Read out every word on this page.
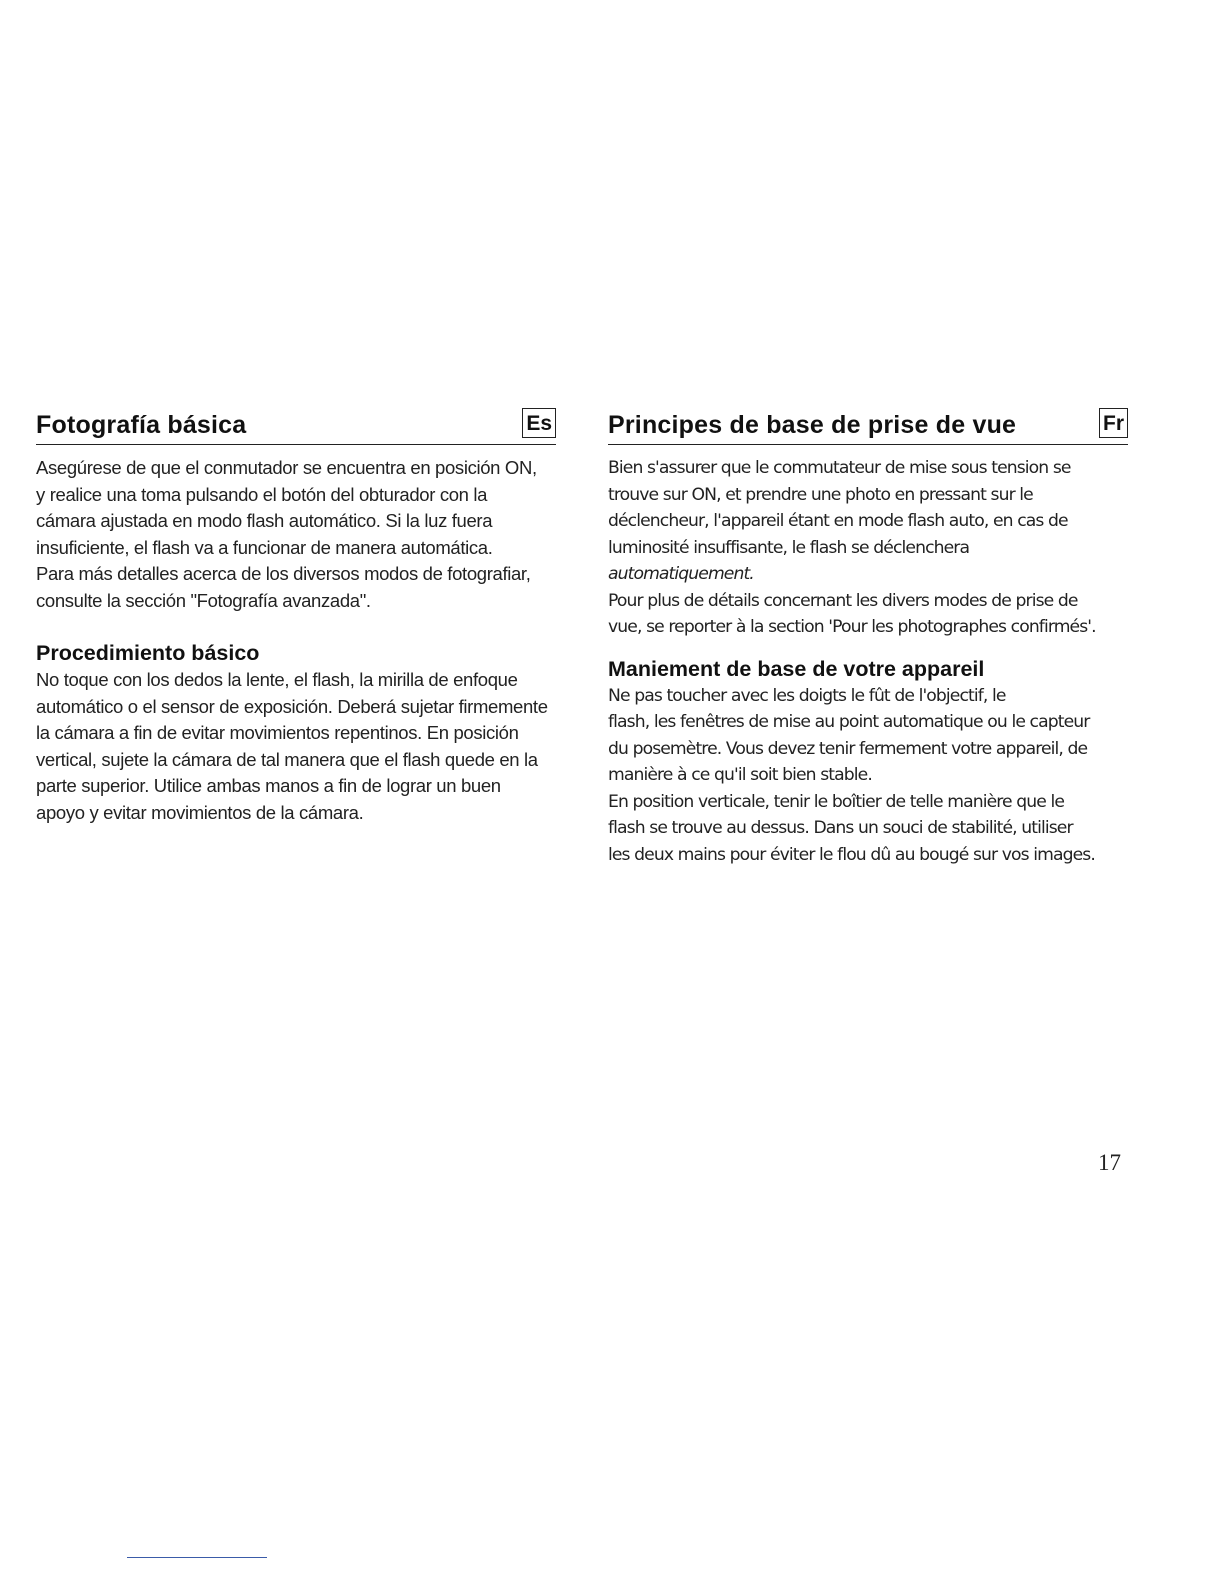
Fotografía básica	Es

Asegúrese de que el conmutador se encuentra en posición ON,

y realice una toma pulsando el botón del obturador con la

cámara ajustada en modo flash automático. Si la luz fuera

insuficiente, el flash va a funcionar de manera automática.

Para más detalles acerca de los diversos modos de fotografiar,

consulte la sección "Fotografía avanzada".

Procedimiento básico

No toque con los dedos la lente, el flash, la mirilla de enfoque

automático o el sensor de exposición. Deberá sujetar firmemente

la cámara a fin de evitar movimientos repentinos. En posición

vertical, sujete la cámara de tal manera que el flash quede en la

parte superior. Utilice ambas manos a fin de lograr un buen

apoyo y evitar movimientos de la cámara.

Principes de base de prise de vue	Fr

Bien s'assurer que le commutateur de mise sous tension se

trouve sur ON, et prendre une photo en pressant sur le

déclencheur, l'appareil étant en mode flash auto, en cas de

luminosité insuffisante, le flash se déclenchera

automatiquement.

Pour plus de détails concernant les divers modes de prise de

vue, se reporter à la section 'Pour les photographes confirmés'.

Maniement de base de votre appareil

Ne pas toucher avec les doigts le fût de l'objectif, le

flash, les fenêtres de mise au point automatique ou le capteur

du posemètre. Vous devez tenir fermement votre appareil, de

manière à ce qu'il soit bien stable.

En position verticale, tenir le boîtier de telle manière que le

flash se trouve au dessus. Dans un souci de stabilité, utiliser

les deux mains pour éviter le flou dû au bougé sur vos images.

17
